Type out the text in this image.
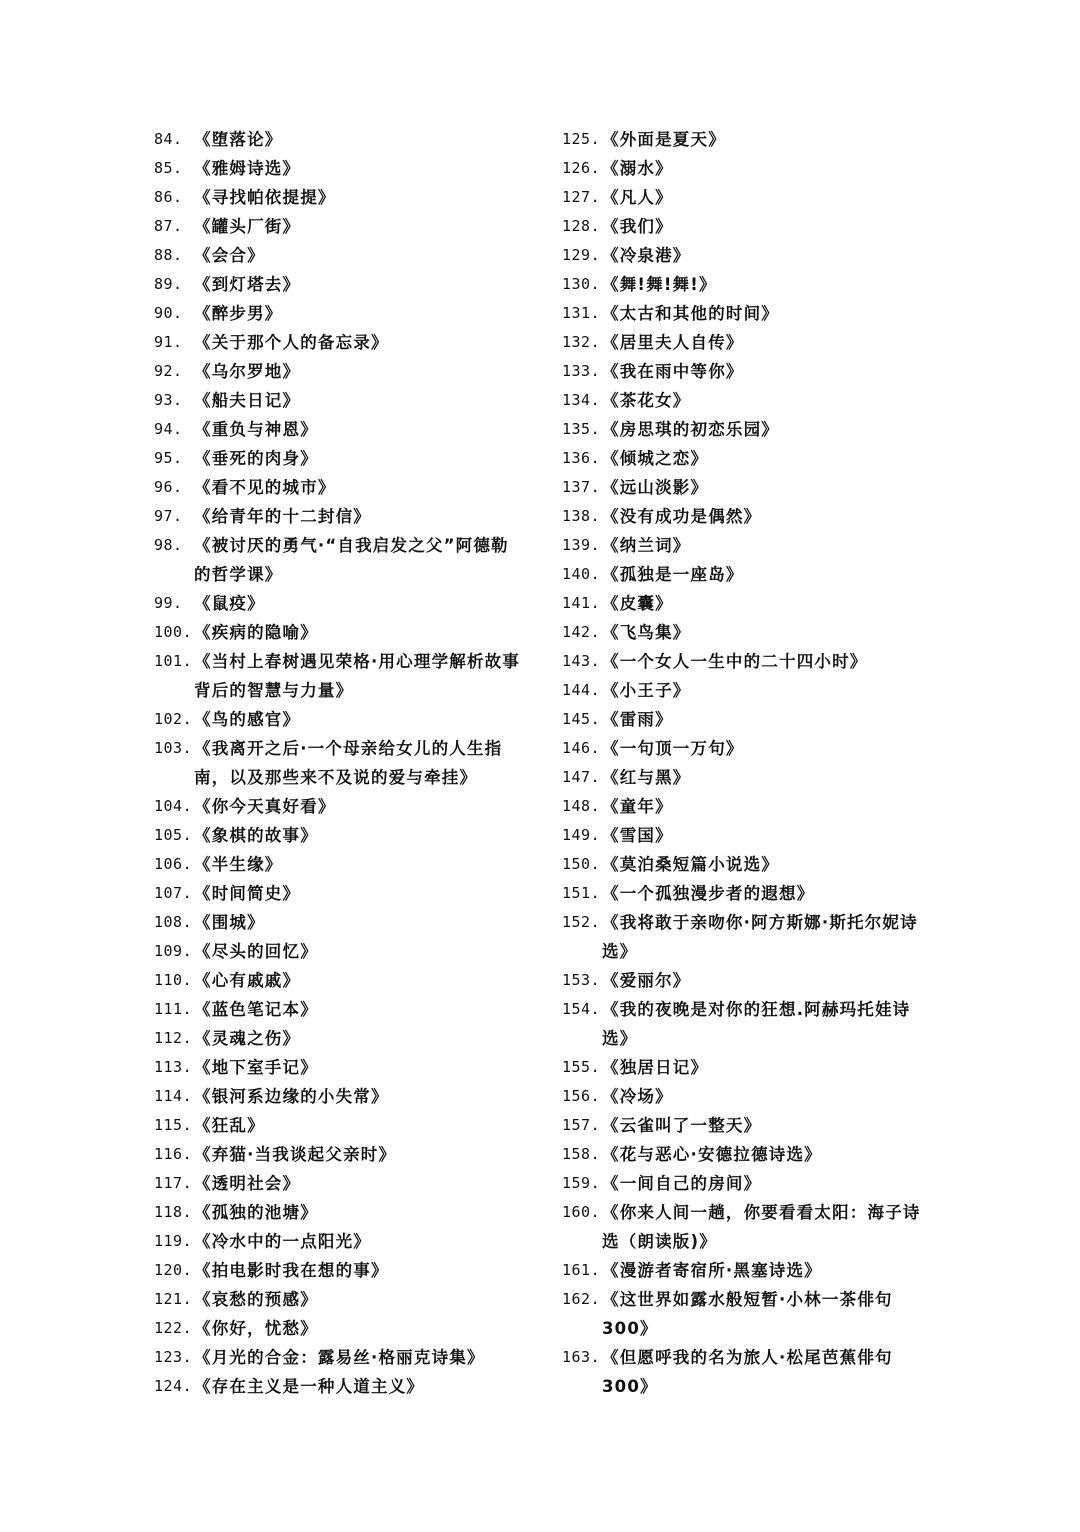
84. 《堕落论》
85. 《雅姆诗选》
86. 《寻找帕依提提》
87. 《罐头厂街》
88. 《会合》
89. 《到灯塔去》
90. 《醉步男》
91. 《关于那个人的备忘录》
92. 《乌尔罗地》
93. 《船夫日记》
94. 《重负与神恩》
95. 《垂死的肉身》
96. 《看不见的城市》
97. 《给青年的十二封信》
98. 《被讨厌的勇气·“自我启发之父”阿德勒的哲学课》
99. 《鼠疫》
100. 《疾病的隐喻》
101. 《当村上春树遇见荣格·用心理学解析故事背后的智慧与力量》
102. 《鸟的感官》
103. 《我离开之后·一个母亲给女儿的人生指南，以及那些来不及说的爱与牵挂》
104. 《你今天真好看》
105. 《象棋的故事》
106. 《半生缘》
107. 《时间简史》
108. 《围城》
109. 《尽头的回忆》
110. 《心有戚戚》
111. 《蓝色笔记本》
112. 《灵魂之伤》
113. 《地下室手记》
114. 《银河系边缘的小失常》
115. 《狂乱》
116. 《弃猫·当我谈起父亲时》
117. 《透明社会》
118. 《孤独的池塘》
119. 《冷水中的一点阳光》
120. 《拍电影时我在想的事》
121. 《哀愁的预感》
122. 《你好，忧愁》
123. 《月光的合金：露易丝·格丽克诗集》
124. 《存在主义是一种人道主义》
125. 《外面是夏天》
126. 《溺水》
127. 《凡人》
128. 《我们》
129. 《冷泉港》
130. 《舞!舞!舞!》
131. 《太古和其他的时间》
132. 《居里夫人自传》
133. 《我在雨中等你》
134. 《茶花女》
135. 《房思琪的初恋乐园》
136. 《倾城之恋》
137. 《远山淡影》
138. 《没有成功是偶然》
139. 《纳兰词》
140. 《孤独是一座岛》
141. 《皮囊》
142. 《飞鸟集》
143. 《一个女人一生中的二十四小时》
144. 《小王子》
145. 《雷雨》
146. 《一句顶一万句》
147. 《红与黑》
148. 《童年》
149. 《雪国》
150. 《莫泊桑短篇小说选》
151. 《一个孤独漫步者的遐想》
152. 《我将敢于亲吻你·阿方斯娜·斯托尔妮诗选》
153. 《爱丽尔》
154. 《我的夜晚是对你的狂想.阿赫玛托娃诗选》
155. 《独居日记》
156. 《冷场》
157. 《云雀叫了一整天》
158. 《花与恶心·安德拉德诗选》
159. 《一间自己的房间》
160. 《你来人间一趟，你要看看太阳：海子诗选（朗读版)》
161. 《漫游者寄宿所·黑塞诗选》
162. 《这世界如露水般短暂·小林一茶俳句300》
163. 《但愿呼我的名为旅人·松尾芭蕉俳句300》
